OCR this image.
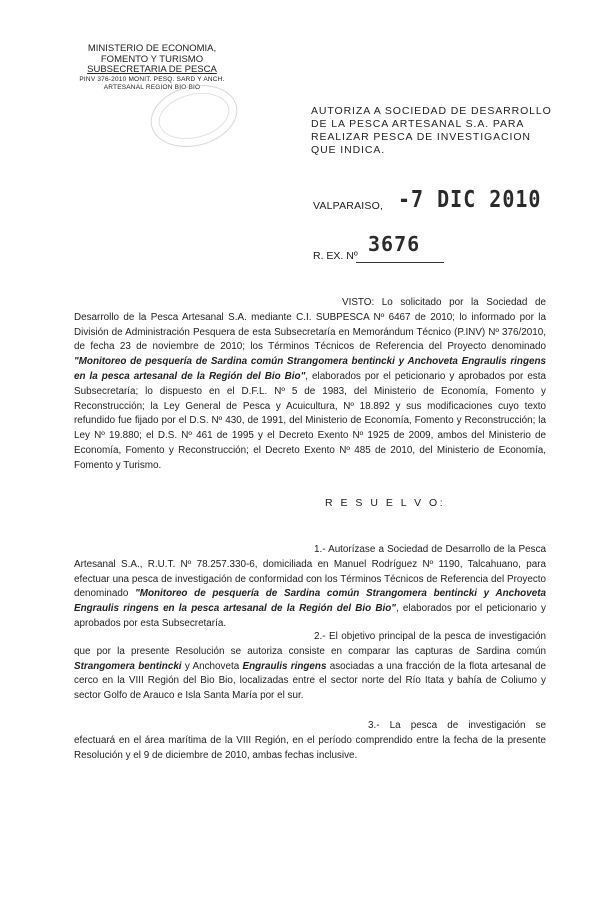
MINISTERIO DE ECONOMIA,
FOMENTO Y TURISMO
SUBSECRETARIA DE PESCA
PINV 376-2010 MONIT. PESQ. SARD Y ANCH.
ARTESANAL REGION BIO BIO
AUTORIZA A SOCIEDAD DE DESARROLLO DE LA PESCA ARTESANAL S.A. PARA REALIZAR PESCA DE INVESTIGACION QUE INDICA.
VALPARAISO, -7 DIC 2010
R. EX. Nº 3676
VISTO: Lo solicitado por la Sociedad de Desarrollo de la Pesca Artesanal S.A. mediante C.I. SUBPESCA Nº 6467 de 2010; lo informado por la División de Administración Pesquera de esta Subsecretaría en Memorándum Técnico (P.INV) Nº 376/2010, de fecha 23 de noviembre de 2010; los Términos Técnicos de Referencia del Proyecto denominado "Monitoreo de pesquería de Sardina común Strangomera bentincki y Anchoveta Engraulis ringens en la pesca artesanal de la Región del Bio Bio", elaborados por el peticionario y aprobados por esta Subsecretaría; lo dispuesto en el D.F.L. Nº 5 de 1983, del Ministerio de Economía, Fomento y Reconstrucción; la Ley General de Pesca y Acuicultura, Nº 18.892 y sus modificaciones cuyo texto refundido fue fijado por el D.S. Nº 430, de 1991, del Ministerio de Economía, Fomento y Reconstrucción; la Ley Nº 19.880; el D.S. Nº 461 de 1995 y el Decreto Exento Nº 1925 de 2009, ambos del Ministerio de Economía, Fomento y Reconstrucción; el Decreto Exento Nº 485 de 2010, del Ministerio de Economía, Fomento y Turismo.
R E S U E L V O:
1.- Autorízase a Sociedad de Desarrollo de la Pesca Artesanal S.A., R.U.T. Nº 78.257.330-6, domiciliada en Manuel Rodríguez Nº 1190, Talcahuano, para efectuar una pesca de investigación de conformidad con los Términos Técnicos de Referencia del Proyecto denominado "Monitoreo de pesquería de Sardina común Strangomera bentincki y Anchoveta Engraulis ringens en la pesca artesanal de la Región del Bio Bio", elaborados por el peticionario y aprobados por esta Subsecretaría.
2.- El objetivo principal de la pesca de investigación que por la presente Resolución se autoriza consiste en comparar las capturas de Sardina común Strangomera bentincki y Anchoveta Engraulis ringens asociadas a una fracción de la flota artesanal de cerco en la VIII Región del Bio Bio, localizadas entre el sector norte del Río Itata y bahía de Coliumo y sector Golfo de Arauco e Isla Santa María por el sur.
3.- La pesca de investigación se efectuará en el área marítima de la VIII Región, en el período comprendido entre la fecha de la presente Resolución y el 9 de diciembre de 2010, ambas fechas inclusive.
